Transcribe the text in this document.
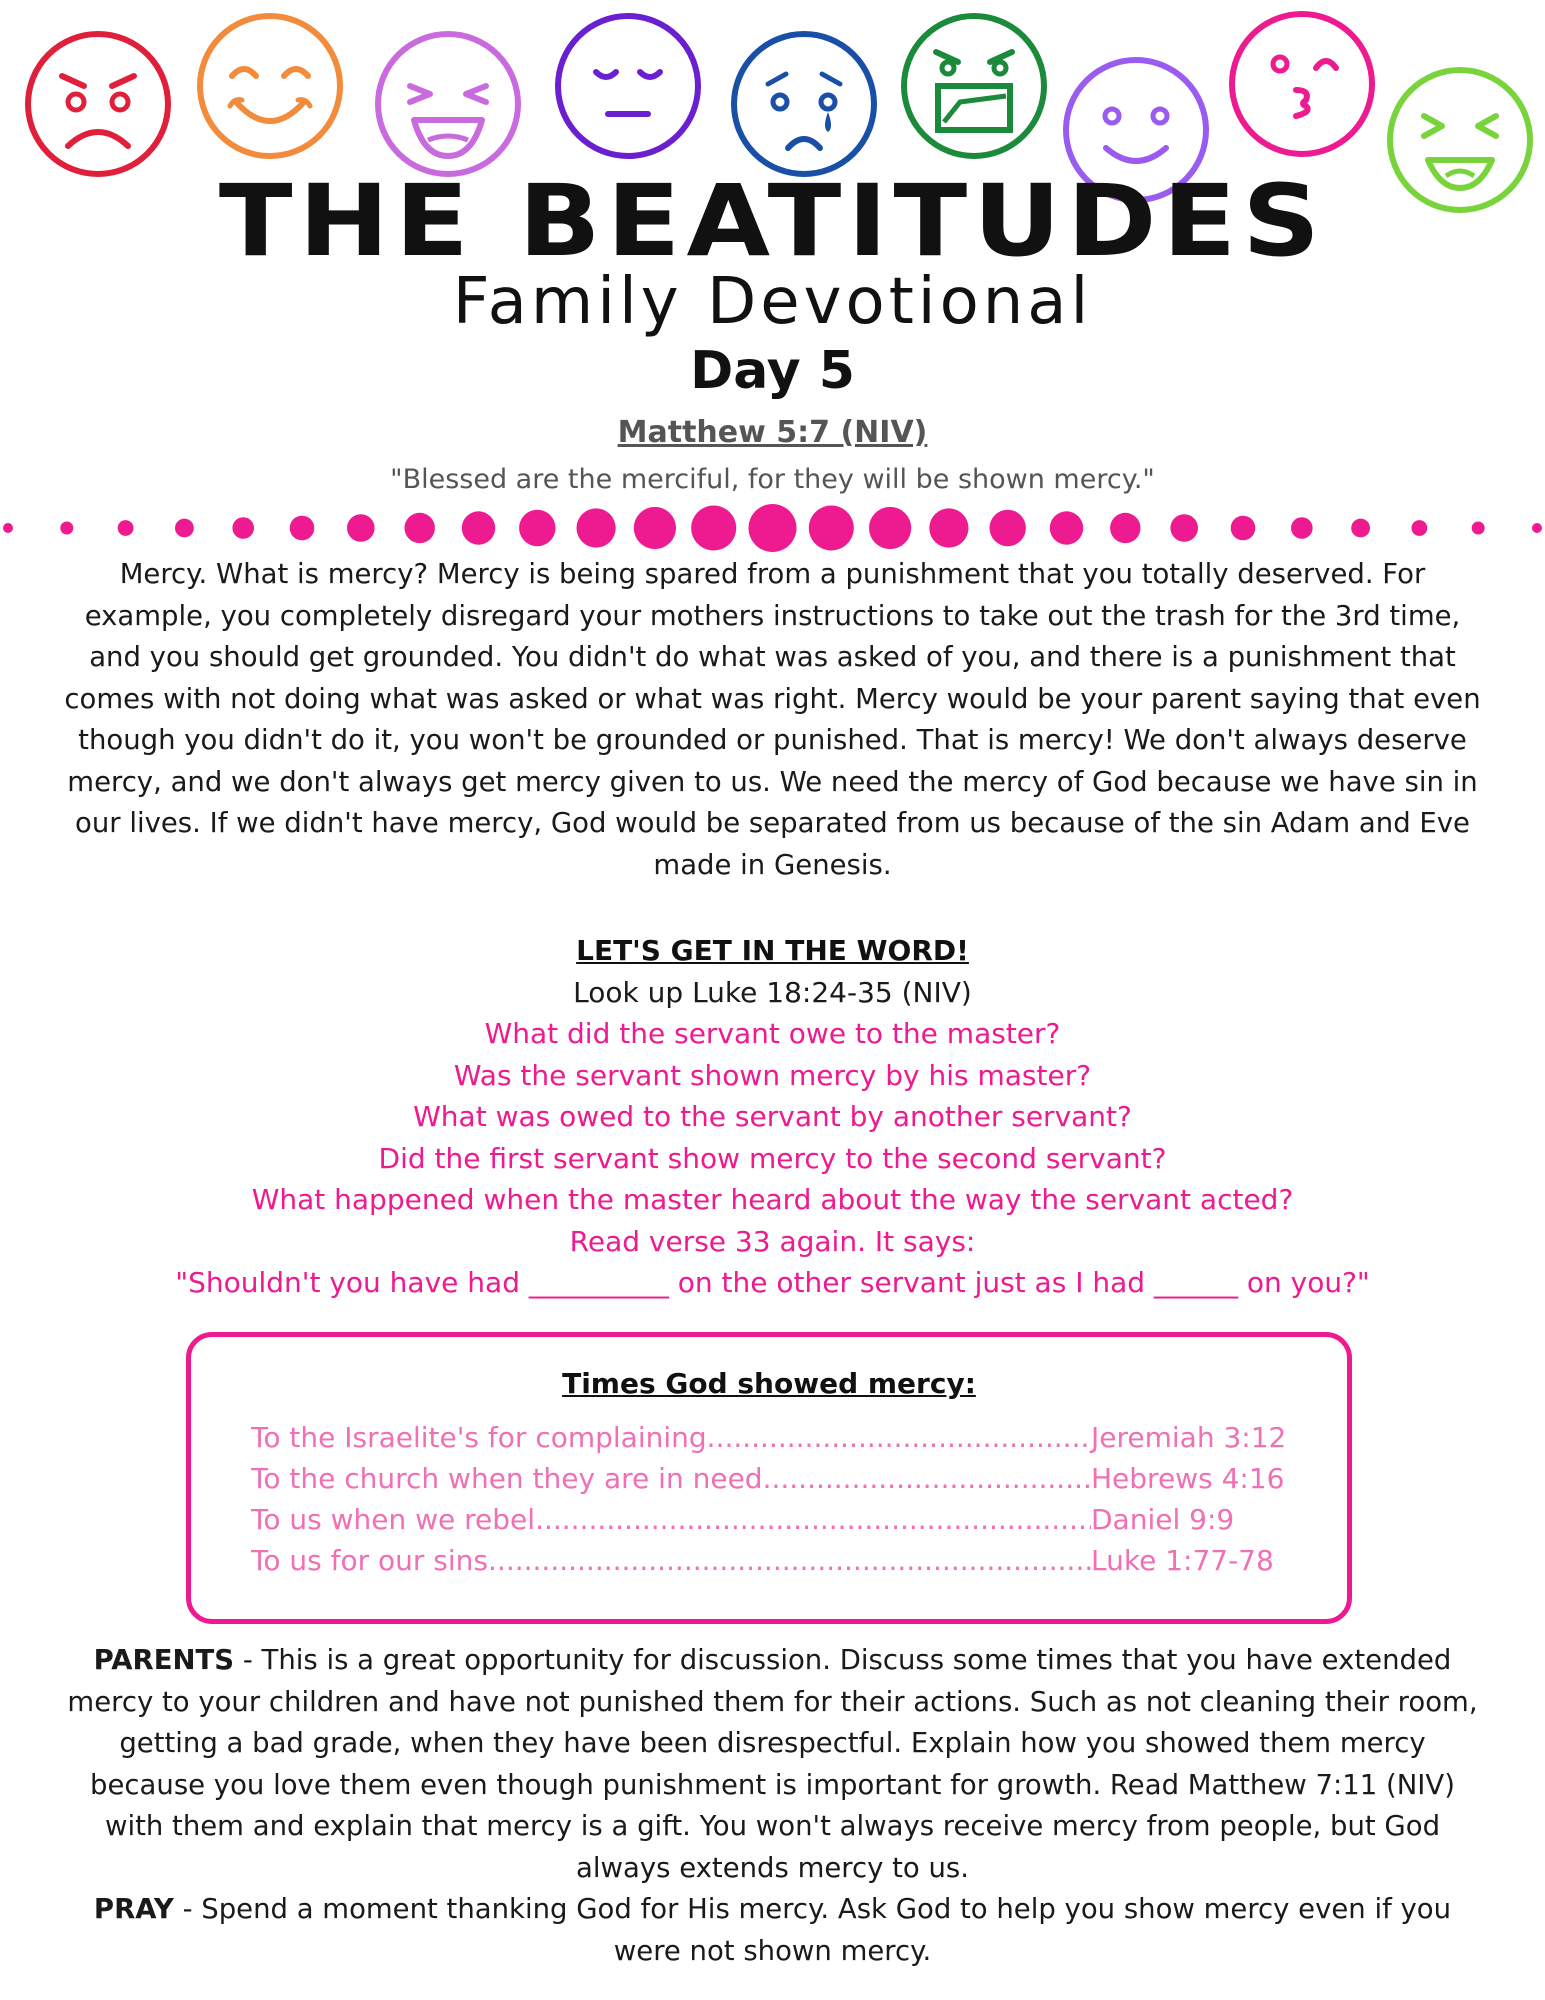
THE BEATITUDES
Family Devotional
Day 5
Matthew 5:7 (NIV)
"Blessed are the merciful, for they will be shown mercy."
Mercy. What is mercy? Mercy is being spared from a punishment that you totally deserved. For example, you completely disregard your mothers instructions to take out the trash for the 3rd time, and you should get grounded. You didn't do what was asked of you, and there is a punishment that comes with not doing what was asked or what was right. Mercy would be your parent saying that even though you didn't do it, you won't be grounded or punished. That is mercy! We don't always deserve mercy, and we don't always get mercy given to us. We need the mercy of God because we have sin in our lives. If we didn't have mercy, God would be separated from us because of the sin Adam and Eve made in Genesis.
LET'S GET IN THE WORD!
Look up Luke 18:24-35 (NIV)
What did the servant owe to the master?
Was the servant shown mercy by his master?
What was owed to the servant by another servant?
Did the first servant show mercy to the second servant?
What happened when the master heard about the way the servant acted?
Read verse 33 again. It says:
"Shouldn't you have had __________ on the other servant just as I had ______ on you?"
Times God showed mercy:
To the Israelite's for complaining .....	Jeremiah 3:12
To the church when they are in need .....	Hebrews 4:16
To us when we rebel .....	Daniel 9:9
To us for our sins .....	Luke 1:77-78
PARENTS - This is a great opportunity for discussion. Discuss some times that you have extended mercy to your children and have not punished them for their actions. Such as not cleaning their room, getting a bad grade, when they have been disrespectful. Explain how you showed them mercy because you love them even though punishment is important for growth. Read Matthew 7:11 (NIV) with them and explain that mercy is a gift. You won't always receive mercy from people, but God always extends mercy to us.
PRAY - Spend a moment thanking God for His mercy. Ask God to help you show mercy even if you were not shown mercy.
